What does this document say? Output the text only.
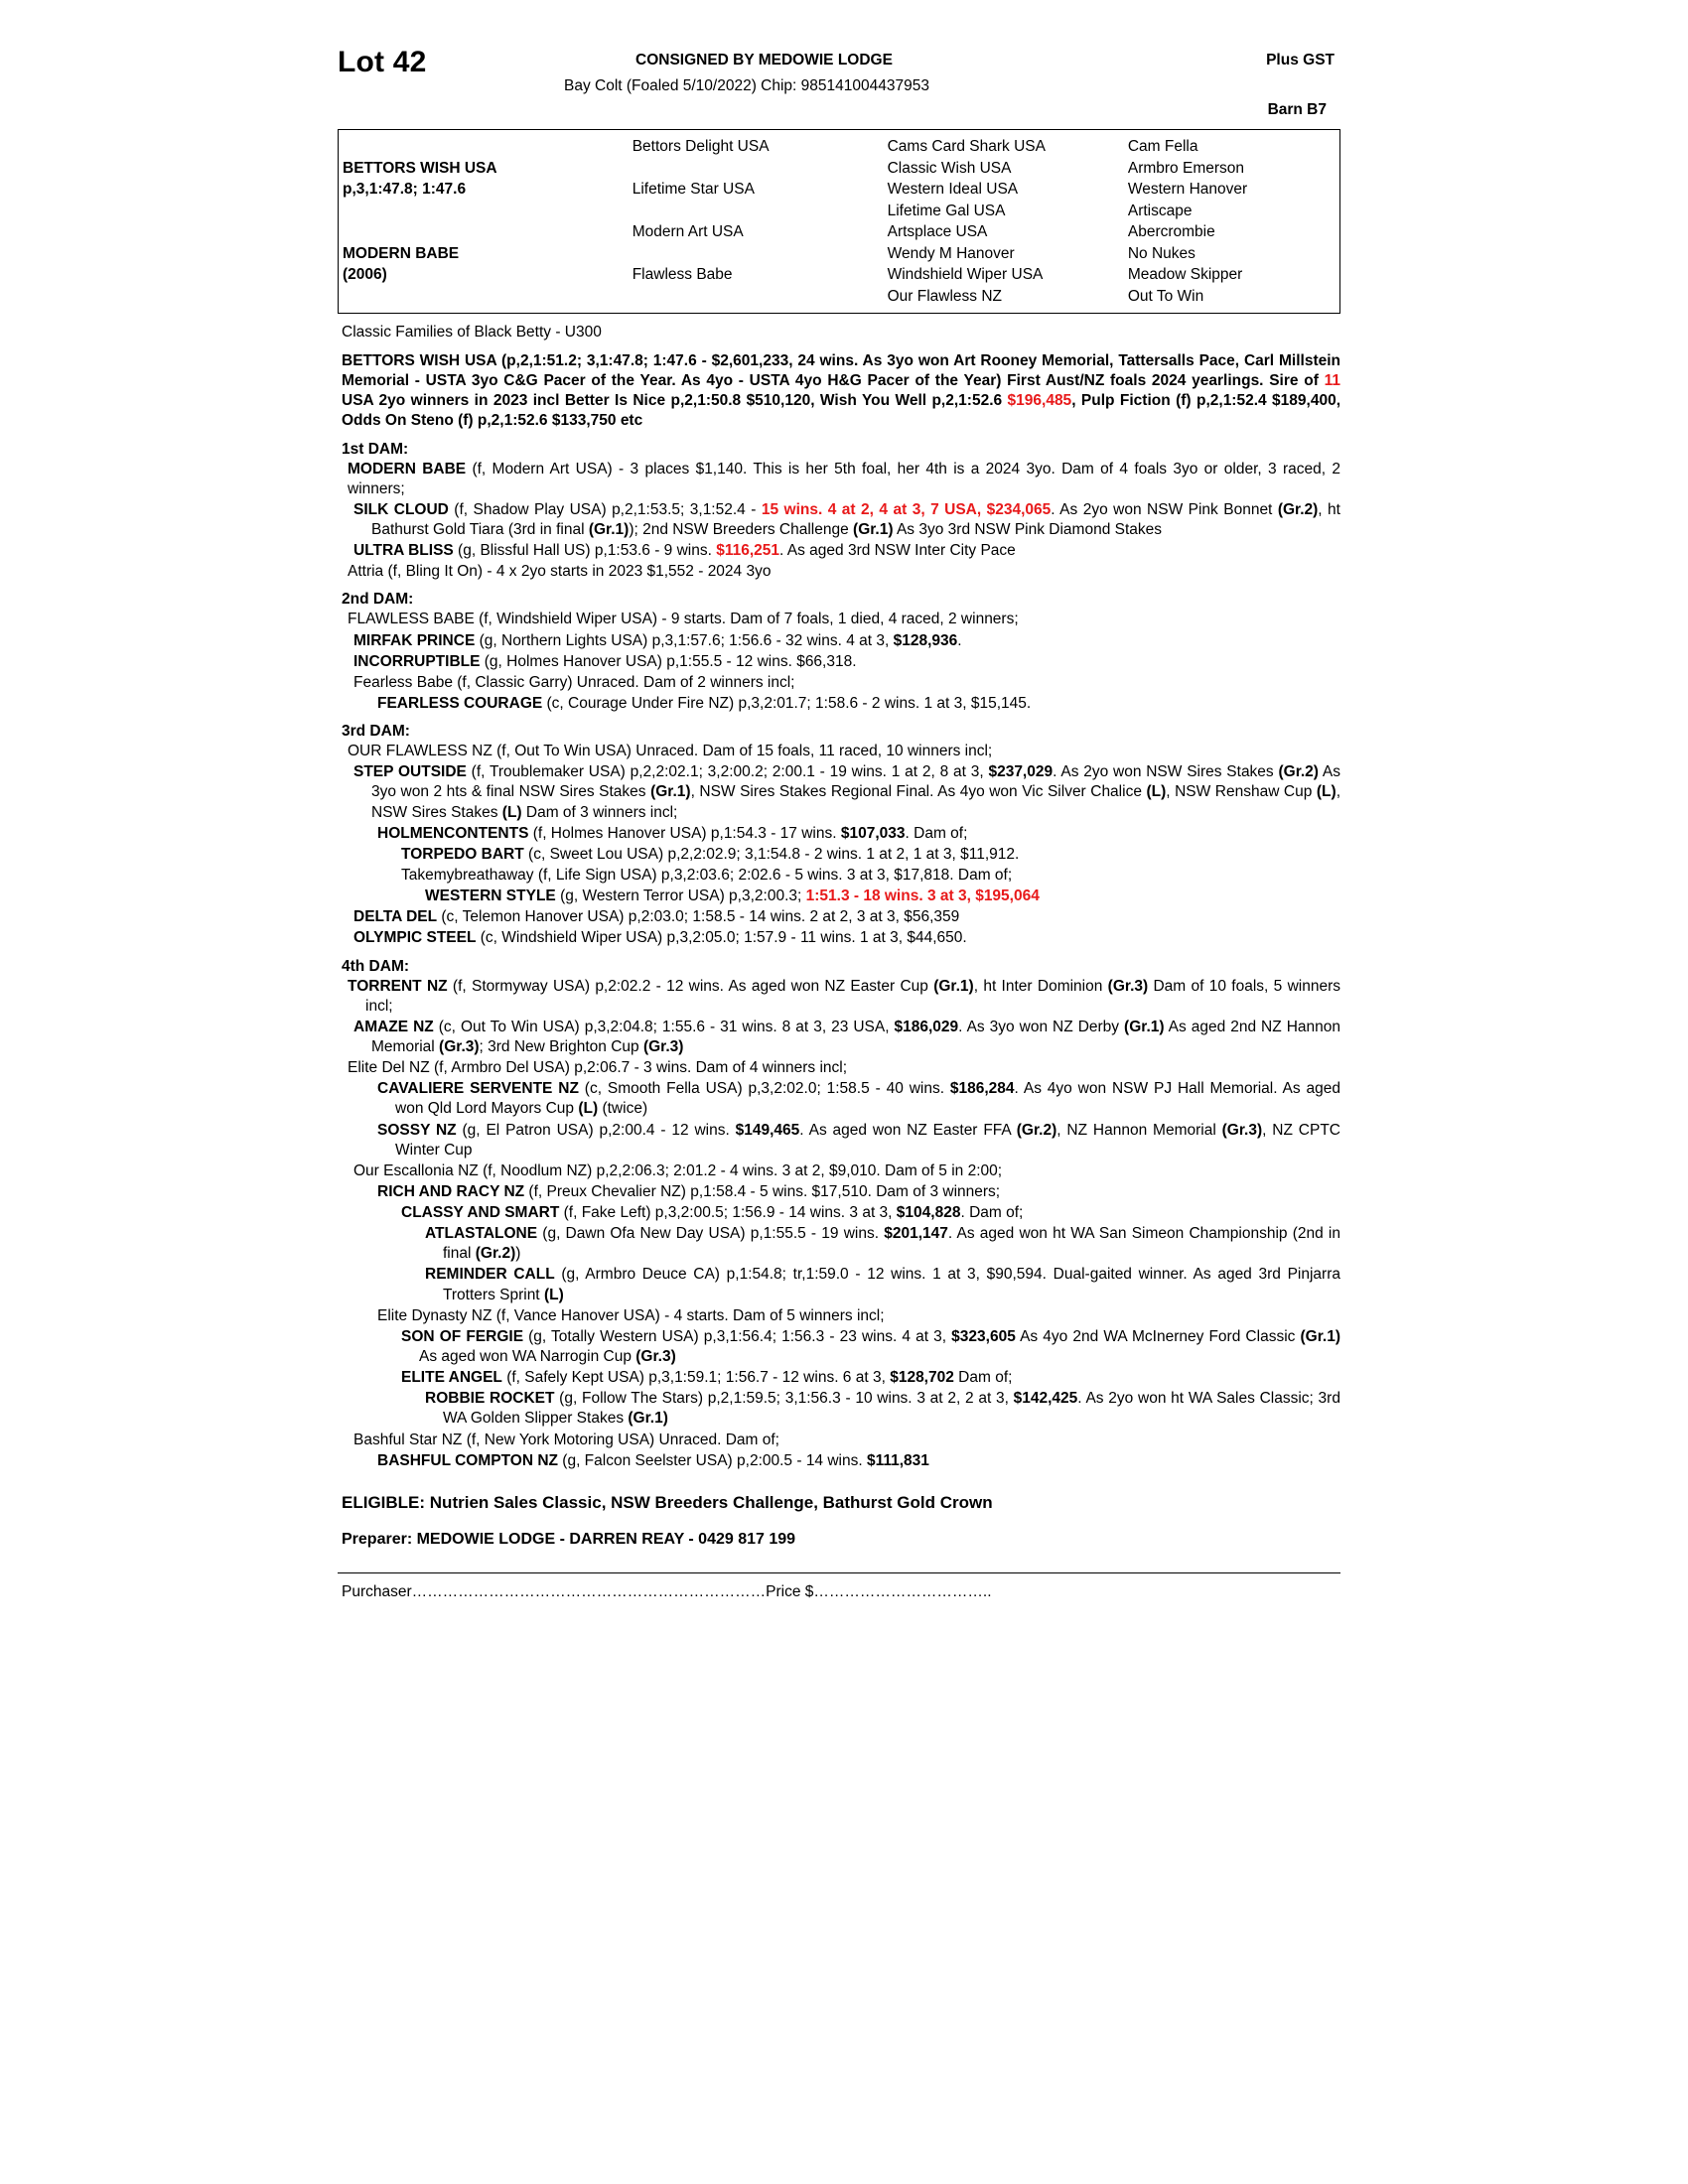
Lot 42	CONSIGNED BY MEDOWIE LODGE	Plus GST
Bay Colt (Foaled 5/10/2022) Chip: 985141004437953
Barn B7
	Bettors Delight USA	Cams Card Shark USA	Cam Fella
BETTORS WISH USA		Classic Wish USA	Armbro Emerson
p,3,1:47.8; 1:47.6	Lifetime Star USA	Western Ideal USA	Western Hanover
		Lifetime Gal USA	Artiscape
	Modern Art USA	Artsplace USA	Abercrombie
MODERN BABE		Wendy M Hanover	No Nukes
(2006)	Flawless Babe	Windshield Wiper USA	Meadow Skipper
		Our Flawless NZ	Out To Win
Classic Families of Black Betty - U300
BETTORS WISH USA (p,2,1:51.2; 3,1:47.8; 1:47.6 - $2,601,233, 24 wins. As 3yo won Art Rooney Memorial, Tattersalls Pace, Carl Millstein Memorial - USTA 3yo C&G Pacer of the Year. As 4yo - USTA 4yo H&G Pacer of the Year) First Aust/NZ foals 2024 yearlings. Sire of 11 USA 2yo winners in 2023 incl Better Is Nice p,2,1:50.8 $510,120, Wish You Well p,2,1:52.6 $196,485, Pulp Fiction (f) p,2,1:52.4 $189,400, Odds On Steno (f) p,2,1:52.6 $133,750 etc
1st DAM:
MODERN BABE (f, Modern Art USA) - 3 places $1,140. This is her 5th foal, her 4th is a 2024 3yo. Dam of 4 foals 3yo or older, 3 raced, 2 winners;
SILK CLOUD (f, Shadow Play USA) p,2,1:53.5; 3,1:52.4 - 15 wins. 4 at 2, 4 at 3, 7 USA, $234,065. As 2yo won NSW Pink Bonnet (Gr.2), ht Bathurst Gold Tiara (3rd in final (Gr.1)); 2nd NSW Breeders Challenge (Gr.1) As 3yo 3rd NSW Pink Diamond Stakes
ULTRA BLISS (g, Blissful Hall US) p,1:53.6 - 9 wins. $116,251. As aged 3rd NSW Inter City Pace
Attria (f, Bling It On) - 4 x 2yo starts in 2023 $1,552 - 2024 3yo
2nd DAM:
FLAWLESS BABE (f, Windshield Wiper USA) - 9 starts. Dam of 7 foals, 1 died, 4 raced, 2 winners;
MIRFAK PRINCE (g, Northern Lights USA) p,3,1:57.6; 1:56.6 - 32 wins. 4 at 3, $128,936.
INCORRUPTIBLE (g, Holmes Hanover USA) p,1:55.5 - 12 wins. $66,318.
Fearless Babe (f, Classic Garry) Unraced. Dam of 2 winners incl;
FEARLESS COURAGE (c, Courage Under Fire NZ) p,3,2:01.7; 1:58.6 - 2 wins. 1 at 3, $15,145.
3rd DAM:
OUR FLAWLESS NZ (f, Out To Win USA) Unraced. Dam of 15 foals, 11 raced, 10 winners incl;
STEP OUTSIDE (f, Troublemaker USA) p,2,2:02.1; 3,2:00.2; 2:00.1 - 19 wins. 1 at 2, 8 at 3, $237,029. As 2yo won NSW Sires Stakes (Gr.2) As 3yo won 2 hts & final NSW Sires Stakes (Gr.1), NSW Sires Stakes Regional Final. As 4yo won Vic Silver Chalice (L), NSW Renshaw Cup (L), NSW Sires Stakes (L) Dam of 3 winners incl;
HOLMENCONTENTS (f, Holmes Hanover USA) p,1:54.3 - 17 wins. $107,033. Dam of;
TORPEDO BART (c, Sweet Lou USA) p,2,2:02.9; 3,1:54.8 - 2 wins. 1 at 2, 1 at 3, $11,912.
Takemybreathaway (f, Life Sign USA) p,3,2:03.6; 2:02.6 - 5 wins. 3 at 3, $17,818. Dam of;
WESTERN STYLE (g, Western Terror USA) p,3,2:00.3; 1:51.3 - 18 wins. 3 at 3, $195,064
DELTA DEL (c, Telemon Hanover USA) p,2:03.0; 1:58.5 - 14 wins. 2 at 2, 3 at 3, $56,359
OLYMPIC STEEL (c, Windshield Wiper USA) p,3,2:05.0; 1:57.9 - 11 wins. 1 at 3, $44,650.
4th DAM:
TORRENT NZ (f, Stormyway USA) p,2:02.2 - 12 wins. As aged won NZ Easter Cup (Gr.1), ht Inter Dominion (Gr.3) Dam of 10 foals, 5 winners incl;
AMAZE NZ (c, Out To Win USA) p,3,2:04.8; 1:55.6 - 31 wins. 8 at 3, 23 USA, $186,029. As 3yo won NZ Derby (Gr.1) As aged 2nd NZ Hannon Memorial (Gr.3); 3rd New Brighton Cup (Gr.3)
Elite Del NZ (f, Armbro Del USA) p,2:06.7 - 3 wins. Dam of 4 winners incl;
CAVALIERE SERVENTE NZ (c, Smooth Fella USA) p,3,2:02.0; 1:58.5 - 40 wins. $186,284. As 4yo won NSW PJ Hall Memorial. As aged won Qld Lord Mayors Cup (L) (twice)
SOSSY NZ (g, El Patron USA) p,2:00.4 - 12 wins. $149,465. As aged won NZ Easter FFA (Gr.2), NZ Hannon Memorial (Gr.3), NZ CPTC Winter Cup
Our Escallonia NZ (f, Noodlum NZ) p,2,2:06.3; 2:01.2 - 4 wins. 3 at 2, $9,010. Dam of 5 in 2:00;
RICH AND RACY NZ (f, Preux Chevalier NZ) p,1:58.4 - 5 wins. $17,510. Dam of 3 winners;
CLASSY AND SMART (f, Fake Left) p,3,2:00.5; 1:56.9 - 14 wins. 3 at 3, $104,828. Dam of;
ATLASTALONE (g, Dawn Ofa New Day USA) p,1:55.5 - 19 wins. $201,147. As aged won ht WA San Simeon Championship (2nd in final (Gr.2))
REMINDER CALL (g, Armbro Deuce CA) p,1:54.8; tr,1:59.0 - 12 wins. 1 at 3, $90,594. Dual-gaited winner. As aged 3rd Pinjarra Trotters Sprint (L)
Elite Dynasty NZ (f, Vance Hanover USA) - 4 starts. Dam of 5 winners incl;
SON OF FERGIE (g, Totally Western USA) p,3,1:56.4; 1:56.3 - 23 wins. 4 at 3, $323,605 As 4yo 2nd WA McInerney Ford Classic (Gr.1) As aged won WA Narrogin Cup (Gr.3)
ELITE ANGEL (f, Safely Kept USA) p,3,1:59.1; 1:56.7 - 12 wins. 6 at 3, $128,702 Dam of;
ROBBIE ROCKET (g, Follow The Stars) p,2,1:59.5; 3,1:56.3 - 10 wins. 3 at 2, 2 at 3, $142,425. As 2yo won ht WA Sales Classic; 3rd WA Golden Slipper Stakes (Gr.1)
Bashful Star NZ (f, New York Motoring USA) Unraced. Dam of;
BASHFUL COMPTON NZ (g, Falcon Seelster USA) p,2:00.5 - 14 wins. $111,831
ELIGIBLE: Nutrien Sales Classic, NSW Breeders Challenge, Bathurst Gold Crown
Preparer: MEDOWIE LODGE - DARREN REAY - 0429 817 199
Purchaser……………………………………………………………Price $……………………………..
